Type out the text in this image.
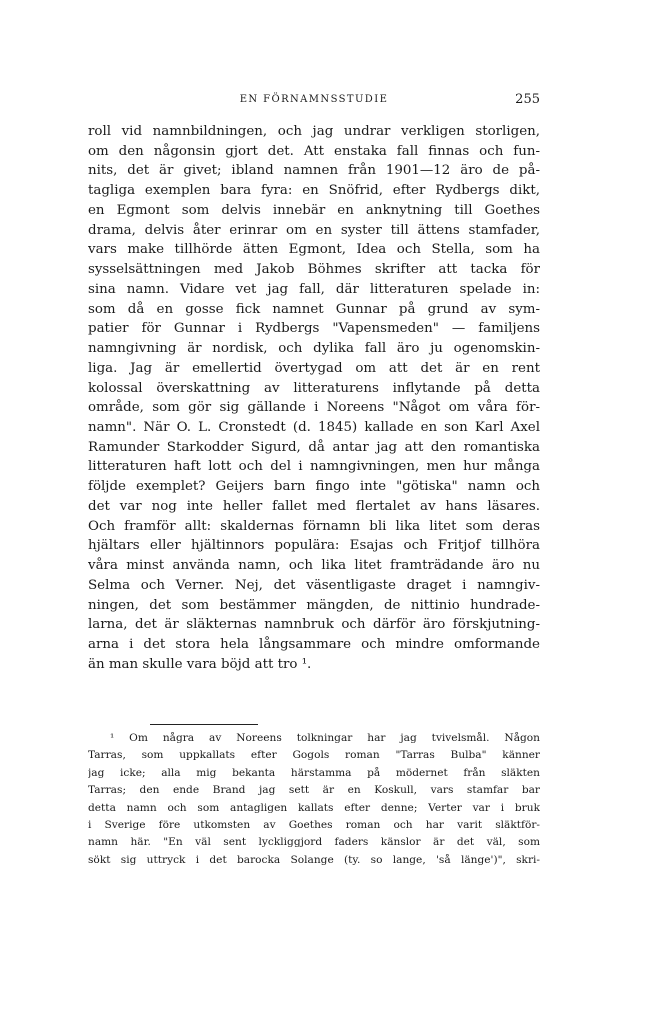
EN FÖRNAMNSSTUDIE	255
roll vid namnbildningen, och jag undrar verkligen storligen,
om den någonsin gjort det. Att enstaka fall finnas och fun-
nits, det är givet; ibland namnen från 1901—12 äro de på-
tagliga exemplen bara fyra: en Snöfrid, efter Rydbergs dikt,
en Egmont som delvis innebär en anknytning till Goethes
drama, delvis åter erinrar om en syster till ättens stamfader,
vars make tillhörde ätten Egmont, Idea och Stella, som ha
sysselsättningen med Jakob Böhmes skrifter att tacka för
sina namn. Vidare vet jag fall, där litteraturen spelade in:
som då en gosse fick namnet Gunnar på grund av sym-
patier för Gunnar i Rydbergs "Vapensmeden" — familjens
namngivning är nordisk, och dylika fall äro ju ogenomskin-
liga. Jag är emellertid övertygad om att det är en rent
kolossal överskattning av litteraturens inflytande på detta
område, som gör sig gällande i Noreens "Något om våra för-
namn". När O. L. Cronstedt (d. 1845) kallade en son Karl Axel
Ramunder Starkodder Sigurd, då antar jag att den romantiska
litteraturen haft lott och del i namngivningen, men hur många
följde exemplet? Geijers barn fingo inte "götiska" namn och
det var nog inte heller fallet med flertalet av hans läsares.
Och framför allt: skaldernas förnamn bli lika litet som deras
hjältars eller hjältinnors populära: Esajas och Fritjof tillhöra
våra minst använda namn, och lika litet framträdande äro nu
Selma och Verner. Nej, det väsentligaste draget i namngiv-
ningen, det som bestämmer mängden, de nittinio hundrade-
larna, det är släkternas namnbruk och därför äro förskjutning-
arna i det stora hela långsammare och mindre omformande
än man skulle vara böjd att tro ¹.
¹ Om några av Noreens tolkningar har jag tvivelsmål. Någon
Tarras, som uppkallats efter Gogols roman "Tarras Bulba" känner
jag icke; alla mig bekanta härstamma på mödernet från släkten
Tarras; den ende Brand jag sett är en Koskull, vars stamfar bar
detta namn och som antagligen kallats efter denne; Verter var i bruk
i Sverige före utkomsten av Goethes roman och har varit släktför-
namn här. "En väl sent lyckliggjord faders känslor är det väl, som
sökt sig uttryck i det barocka Solange (ty. so lange, 'så länge')", skri-
